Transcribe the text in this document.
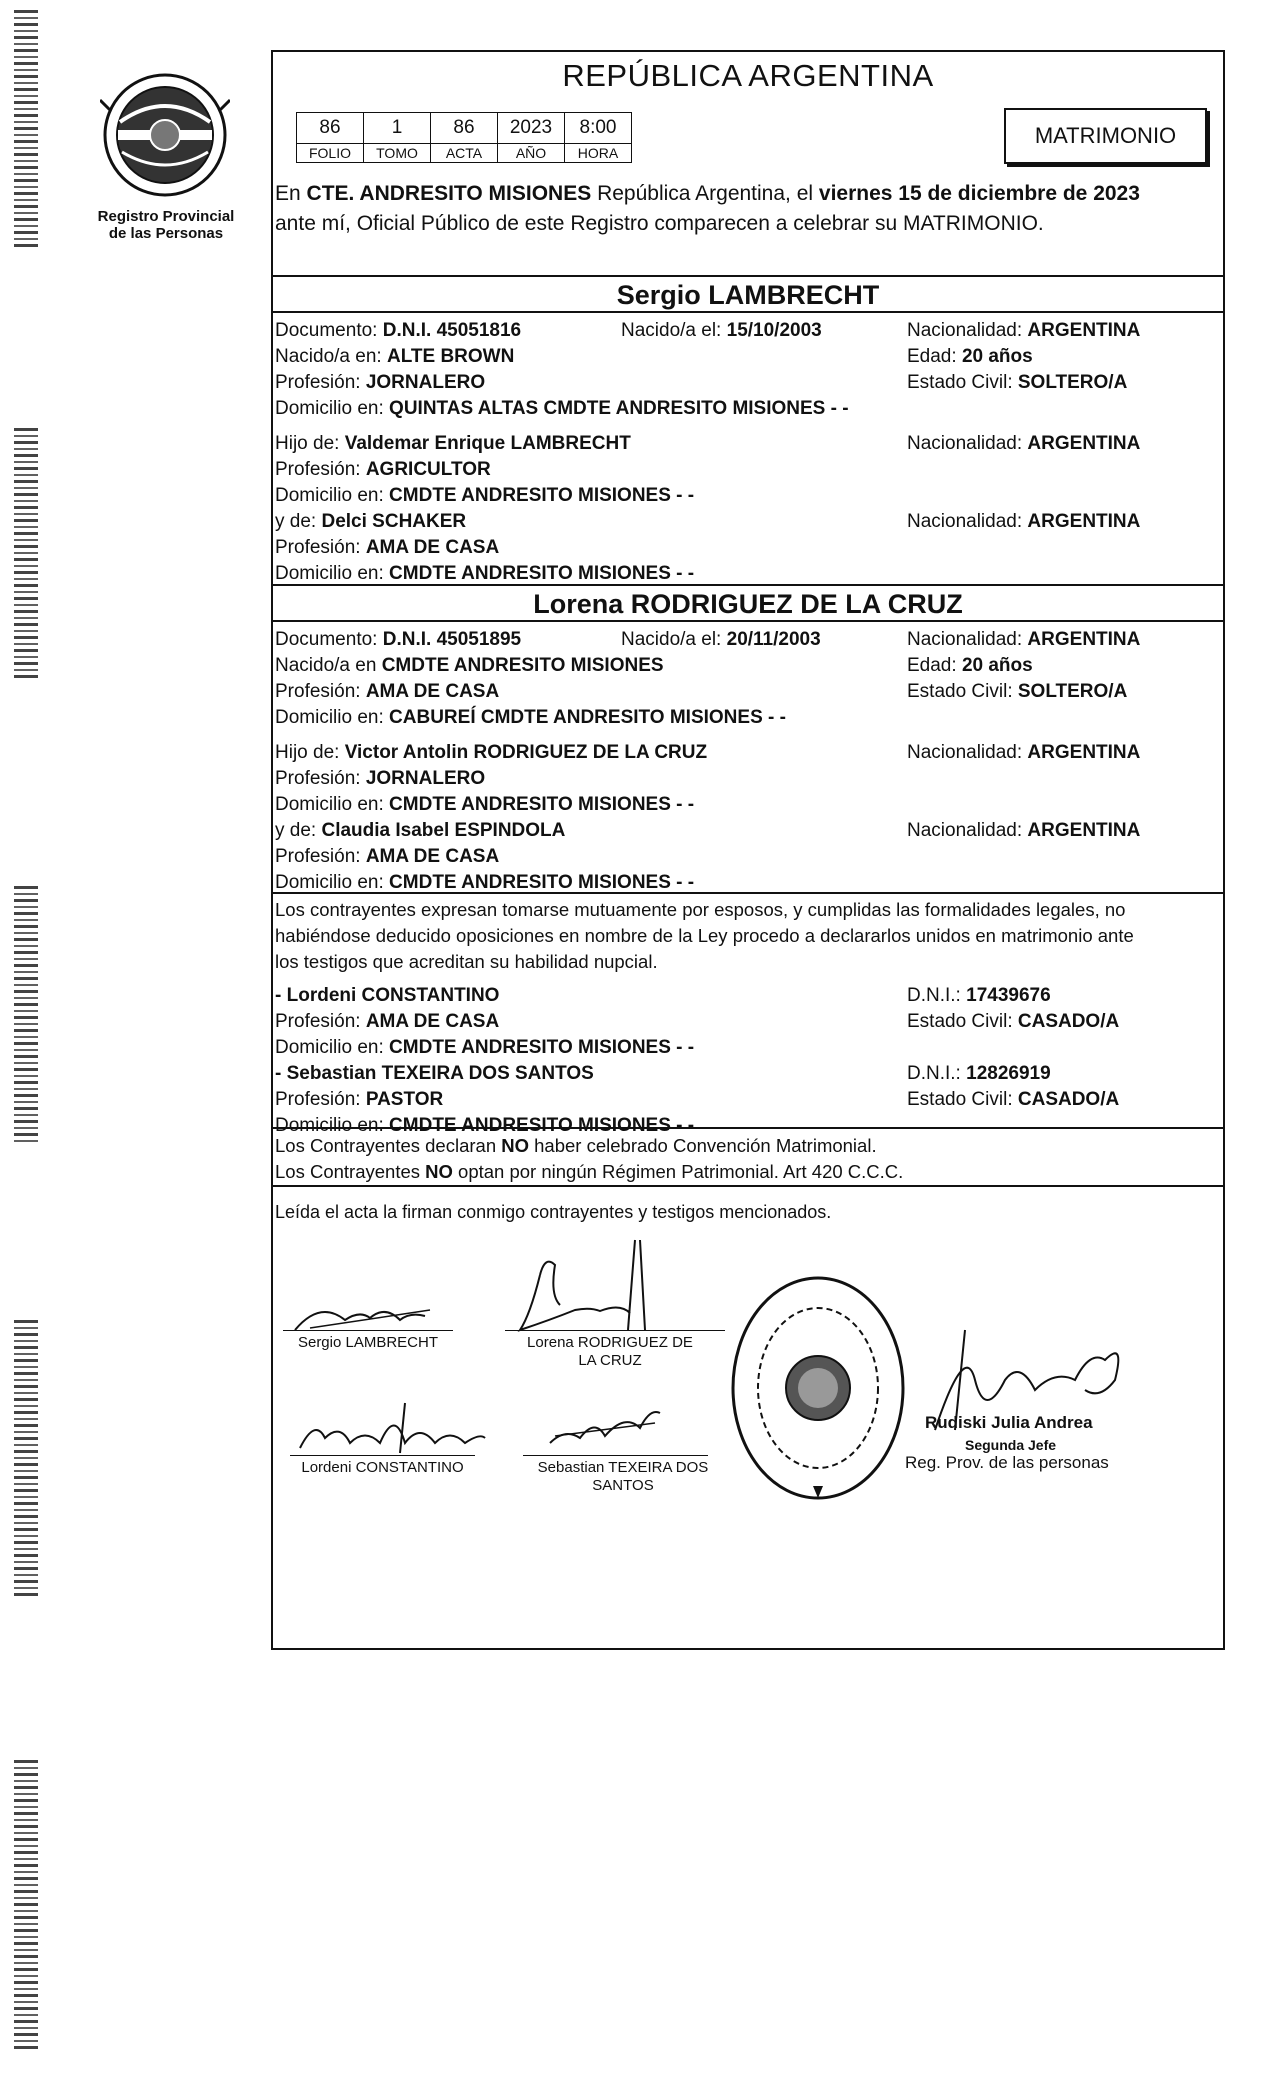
Registro Provincial
de las Personas
REPÚBLICA ARGENTINA
86	1	86	2023	8:00
FOLIO	TOMO	ACTA	AÑO	HORA
MATRIMONIO
En CTE. ANDRESITO MISIONES República Argentina, el viernes 15 de diciembre de 2023
ante mí, Oficial Público de este Registro comparecen a celebrar su MATRIMONIO.
Sergio LAMBRECHT
Documento: D.N.I. 45051816	Nacido/a el: 15/10/2003	Nacionalidad: ARGENTINA
Nacido/a en: ALTE BROWN	Edad: 20 años
Profesión: JORNALERO	Estado Civil: SOLTERO/A
Domicilio en: QUINTAS ALTAS CMDTE ANDRESITO MISIONES - -
Hijo de: Valdemar Enrique LAMBRECHT	Nacionalidad: ARGENTINA
Profesión: AGRICULTOR
Domicilio en: CMDTE ANDRESITO MISIONES - -
y de: Delci SCHAKER	Nacionalidad: ARGENTINA
Profesión: AMA DE CASA
Domicilio en: CMDTE ANDRESITO MISIONES - -
Lorena RODRIGUEZ DE LA CRUZ
Documento: D.N.I. 45051895	Nacido/a el: 20/11/2003	Nacionalidad: ARGENTINA
Nacido/a en CMDTE ANDRESITO MISIONES	Edad: 20 años
Profesión: AMA DE CASA	Estado Civil: SOLTERO/A
Domicilio en: CABUREÍ CMDTE ANDRESITO MISIONES - -
Hijo de: Victor Antolin RODRIGUEZ DE LA CRUZ	Nacionalidad: ARGENTINA
Profesión: JORNALERO
Domicilio en: CMDTE ANDRESITO MISIONES - -
y de: Claudia Isabel ESPINDOLA	Nacionalidad: ARGENTINA
Profesión: AMA DE CASA
Domicilio en: CMDTE ANDRESITO MISIONES - -
Los contrayentes expresan tomarse mutuamente por esposos, y cumplidas las formalidades legales, no
habiéndose deducido oposiciones en nombre de la Ley procedo a declararlos unidos en matrimonio ante
los testigos que acreditan su habilidad nupcial.
- Lordeni CONSTANTINO	D.N.I.: 17439676
Profesión: AMA DE CASA	Estado Civil: CASADO/A
Domicilio en: CMDTE ANDRESITO MISIONES - -
- Sebastian TEXEIRA DOS SANTOS	D.N.I.: 12826919
Profesión: PASTOR	Estado Civil: CASADO/A
Domicilio en: CMDTE ANDRESITO MISIONES - -
Los Contrayentes declaran NO haber celebrado Convención Matrimonial.
Los Contrayentes NO optan por ningún Régimen Patrimonial. Art 420 C.C.C.
Leída el acta la firman conmigo contrayentes y testigos mencionados.
Sergio LAMBRECHT	Lorena RODRIGUEZ DE
LA CRUZ
Lordeni CONSTANTINO	Sebastian TEXEIRA DOS
SANTOS
Rudiski Julia Andrea
Segunda Jefe
Reg. Prov. de las personas
